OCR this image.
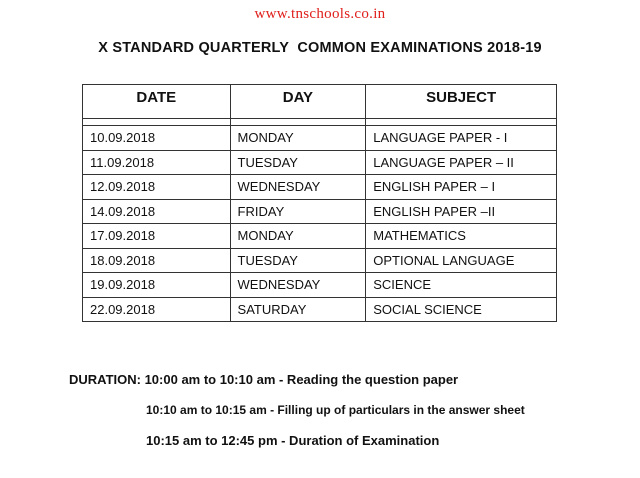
www.tnschools.co.in
X STANDARD QUARTERLY  COMMON EXAMINATIONS 2018-19
DATE	DAY	SUBJECT

10.09.2018	MONDAY	LANGUAGE PAPER - I
11.09.2018	TUESDAY	LANGUAGE PAPER – II
12.09.2018	WEDNESDAY	ENGLISH PAPER – I
14.09.2018	FRIDAY	ENGLISH PAPER –II
17.09.2018	MONDAY	MATHEMATICS
18.09.2018	TUESDAY	OPTIONAL LANGUAGE
19.09.2018	WEDNESDAY	SCIENCE
22.09.2018	SATURDAY	SOCIAL SCIENCE
DURATION: 10:00 am to 10:10 am - Reading the question paper
10:10 am to 10:15 am - Filling up of particulars in the answer sheet
10:15 am to 12:45 pm - Duration of Examination
